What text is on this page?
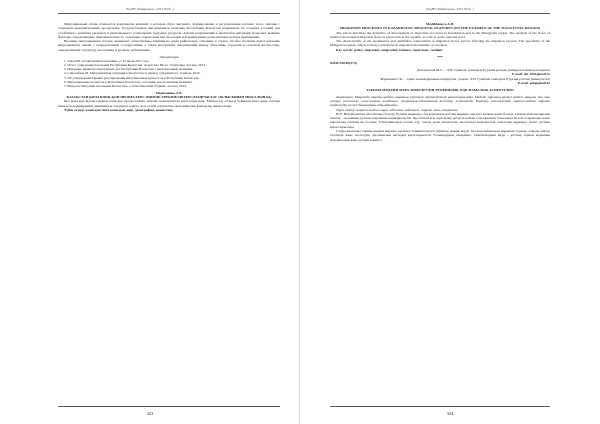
КазНУ Хабаршысы. 2015 No3(..)

Миграционный облик отличается комплексом явлений, в котором образ мигранта, формирование и регулирование потоков тесно связаны с социально-экономическими процессами. Государственная миграционная политика Республики Казахстан направлена на создание условий для устойчивого развития регионов и рационального размещения трудовых ресурсов. Анализ направлений и масштабов миграции позволяет выявить факторы, определяющие привлекательность отдельных территорий для населения и формирующие региональные центры притяжения.

Внешние миграционные потоки оказывают существенное влияние на демографическую ситуацию в стране. Особое значение имеет изучение миграционных связей с сопредельными государствами, а также внутренних перемещений между областями, городами и сельской местностью, определяющих структуру расселения и уровень урбанизации.

Литература

1. Закон РК «О миграции населения» от 22 июля 2011 года.

2. Отчет о миграции населения Республики Казахстан. Агентство РК по статистике. Астана, 2013.

3. Интервью министра внутренних дел Республики Казахстан о миграционной политике.

4. Сейсенбаев М. Миграционная ситуация в Казахстане в период суверенитета. Алматы, 2010.

5. Об утверждении Правил регулирования миграционных процессов в Республике Казахстан.

6. Миграционные процессы в Республике Казахстан: состояние и перспективы развития.

7. Вопросы миграции населения Казахстана. Статистический сборник. Астана, 2014.

Медиханова А.Б.

ҚАЗАҚСТАНДАҒЫ КӨШІ-ҚОН ПРОЦЕСТЕРІ: ӨҢІРЛІК ЕРЕКШЕЛІКТЕРІ (МАҢҒЫСТАУ ОБЛЫСЫНЫҢ МЫСАЛЫНДА)

Бұл мақалада Қазақстандағы көші-қон процестерінің өңірлік ерекшеліктері қарастырылады. Маңғыстау облысы бойынша ішкі және сыртқы көші-қон ағындарының динамикасы талданып, оларға әсер ететін әлеуметтік-экономикалық факторлар анықталады.

Түйін сөздер: көші-қон, ішкі көші-қон, өңір, демография, қоныстану.

323
КазНУ Хабаршысы. 2015 No3(..)

Medikhanova A.B.

MIGRATION PROCESSES IN KAZAKHSTAN: REGIONAL FEATURES (ON THE EXAMPLE OF THE MANGYSTAU REGION)

The article describes the dynamics of development of migration processes in Kazakhstan and in the Mangystau region. The analysis of the flows of internal and external migration flows is given both at the republic as well as at the regional level.

The characteristic of the quantitative and qualitative composition of migration flows, factors affecting the migration process. The specificity of the Mangystau region, which actively participates in migration movements, is revealed.

Key words: policy, migration, emigration, balance, repatriates, resident.

***

ӘОЖ 930.85(574)

Дәлеткулова М.С. – Л.Н. Гумилев атындағы Еуразия ұлттық университетінің доктоpанты

E-mail: dm-1991@mail.ru

Жұмашева Г.К. – тарих ғылымдарының кандидаты, доцент, Л.Н. Гумилев атындағы Еуразия ұлттық университеті

E-mail: gkk@gmail.kz

ТАРИХИ-МӘДЕНИ МҰРА ЗЕРДЕЛЕУДІҢ ТЕОРИЯЛЫҚ-ӘДІСНАМАЛЫҚ АСПЕКТІЛЕРІ

Аннотация. Мақалада тарихи-мәдени мұраның зерттелу ерекшеліктері қарастырылады. Мәдени мұраның қазіргі кездегі маңызы мен оны сақтау мәселелері жан-жақты талданып, теориялық-әдіснамалық тәсілдер жүйеленеді. Зерттеу нәтижесінде тарихи-мәдени мұраны зерделеудің негізгі бағыттары айқындалады.

Тірек сөздер: тарихи-мәдени мұра, әдіснама, мәдениет, тарихи сана, ескерткіш.

Н.Ә. Назарбаевтың «Болашаққа бағдар: Рухани жаңғыру» бағдарламасы ұлттық мұраны сақтауға ерекше көңіл бөледі. Тарихи-мәдени мұраны зерттеу – қоғамның рухани дамуының маңызды бөлігі. Бұл бағыттағы зерттеулер әртүрлі ғылым салаларының тоғысында жүзеге асырылады және пәнаралық сипатқа ие болады. Ескерткіштерді есепке алу, сақтау және насихаттау мәселелері мемлекеттік саясаттың құрамдас бөлігі ретінде қарастырылады.

Соңғы жылдары тарихи-мәдени мұраны зерделеу бойынша іргелі еңбектер жарық көрді. Аталған еңбектерде мұраның түрлері, оларды жіктеу тәсілдері және зерттеудің әдіснамалық негіздері қарастырылған. Ғалымдардың пікірінше, тарихи-мәдени мұра – ұлттың тарихи жадының материалдық және рухани көрінісі.

324
